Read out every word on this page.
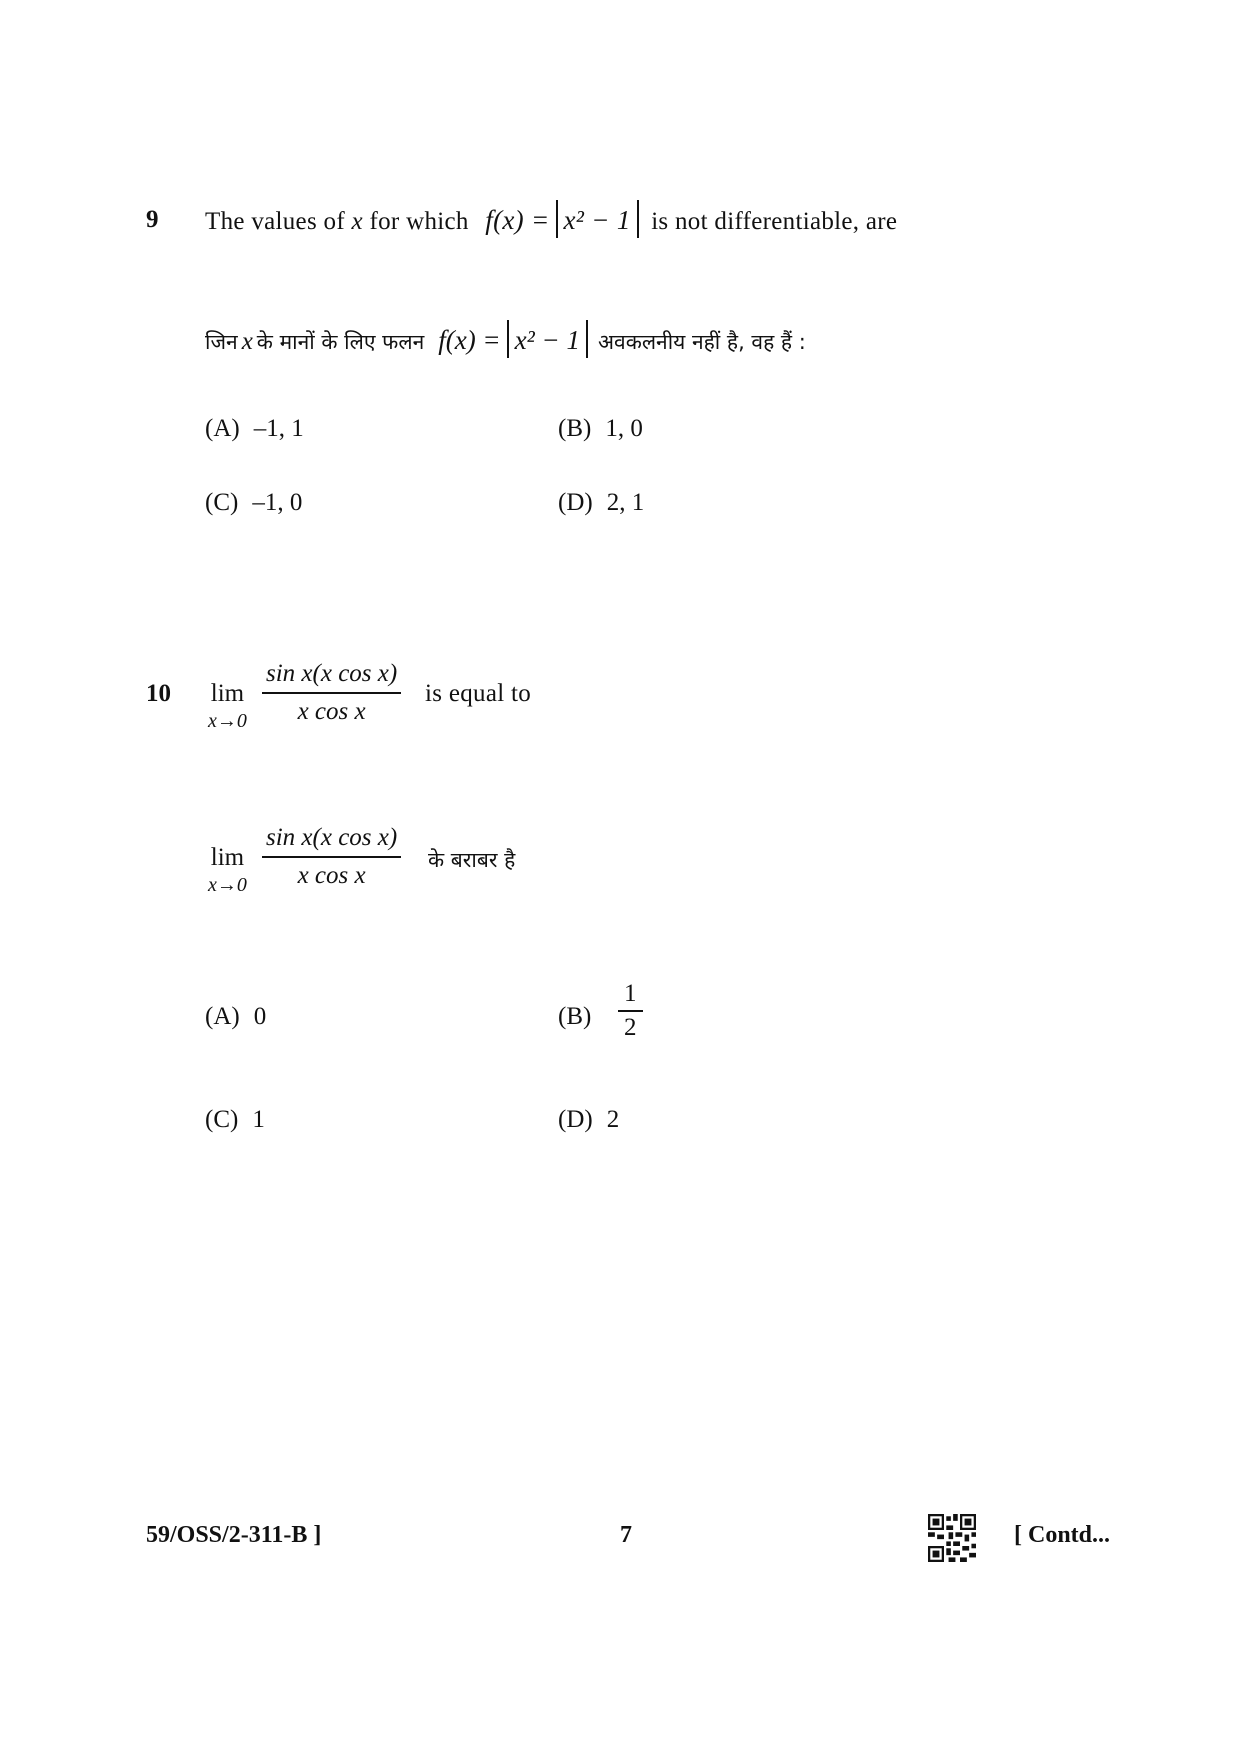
9 The values of x for which f(x) = x² − 1 is not differentiable, are
जिन x के मानों के लिए फलन f(x) = x² − 1 अवकलनीय नहीं है, वह हैं :
(A) –1, 1	(B) 1, 0
(C) –1, 0	(D) 2, 1
10 lim
$x\to 0 \frac{\text{sin x(x cos x)}}{\text{x cos x}}$ is equal to
lim
$x\to 0 \frac{\text{sin x(x cos x)}}{\text{x cos x}}$ के बराबर है
(A) 0	$(B) \frac{1}{2}$
(C) 1	(D) 2
59/OSS/2-311-B ]	7	[ Contd...
